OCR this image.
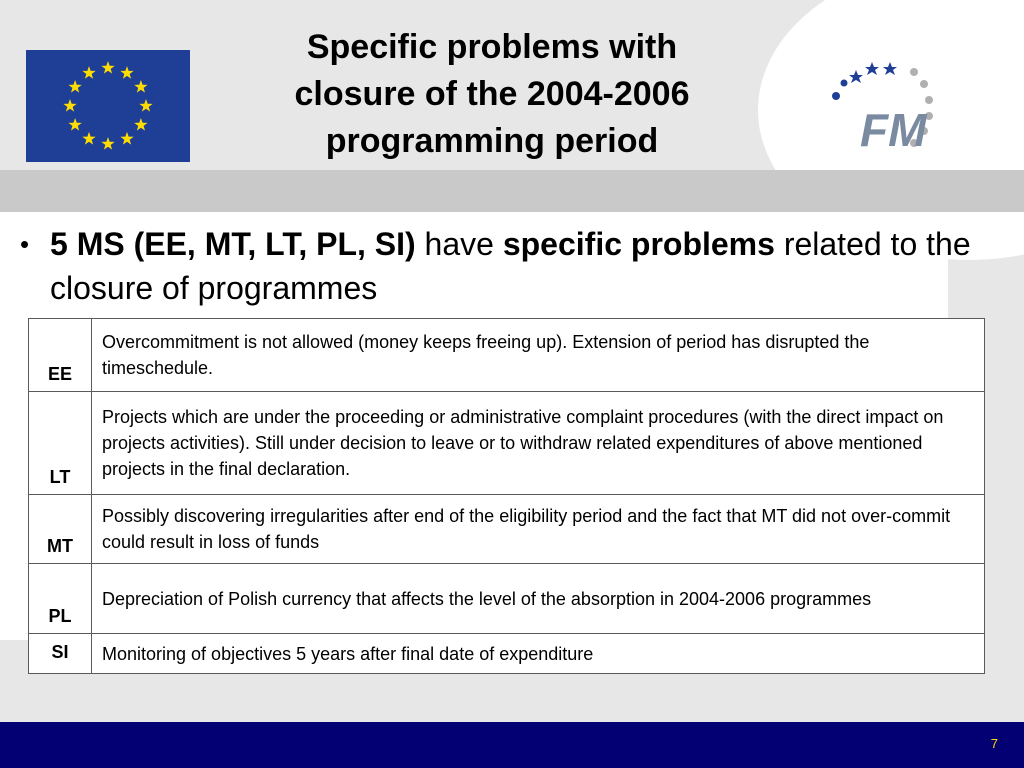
Specific problems with
closure of the 2004-2006
programming period	FM
• 5 MS (EE, MT, LT, PL, SI) have specific problems related to the closure of programmes
EE	Overcommitment is not allowed (money keeps freeing up). Extension of period has disrupted the timeschedule.
LT	Projects which are under the proceeding or administrative complaint procedures (with the direct impact on projects activities). Still under decision to leave or to withdraw related expenditures of above mentioned projects in the final declaration.
MT	Possibly discovering irregularities after end of the eligibility period and the fact that MT did not over-commit could result in loss of funds
PL	Depreciation of Polish currency that affects the level of the absorption in 2004-2006 programmes
SI	Monitoring of objectives 5 years after final date of expenditure
7
